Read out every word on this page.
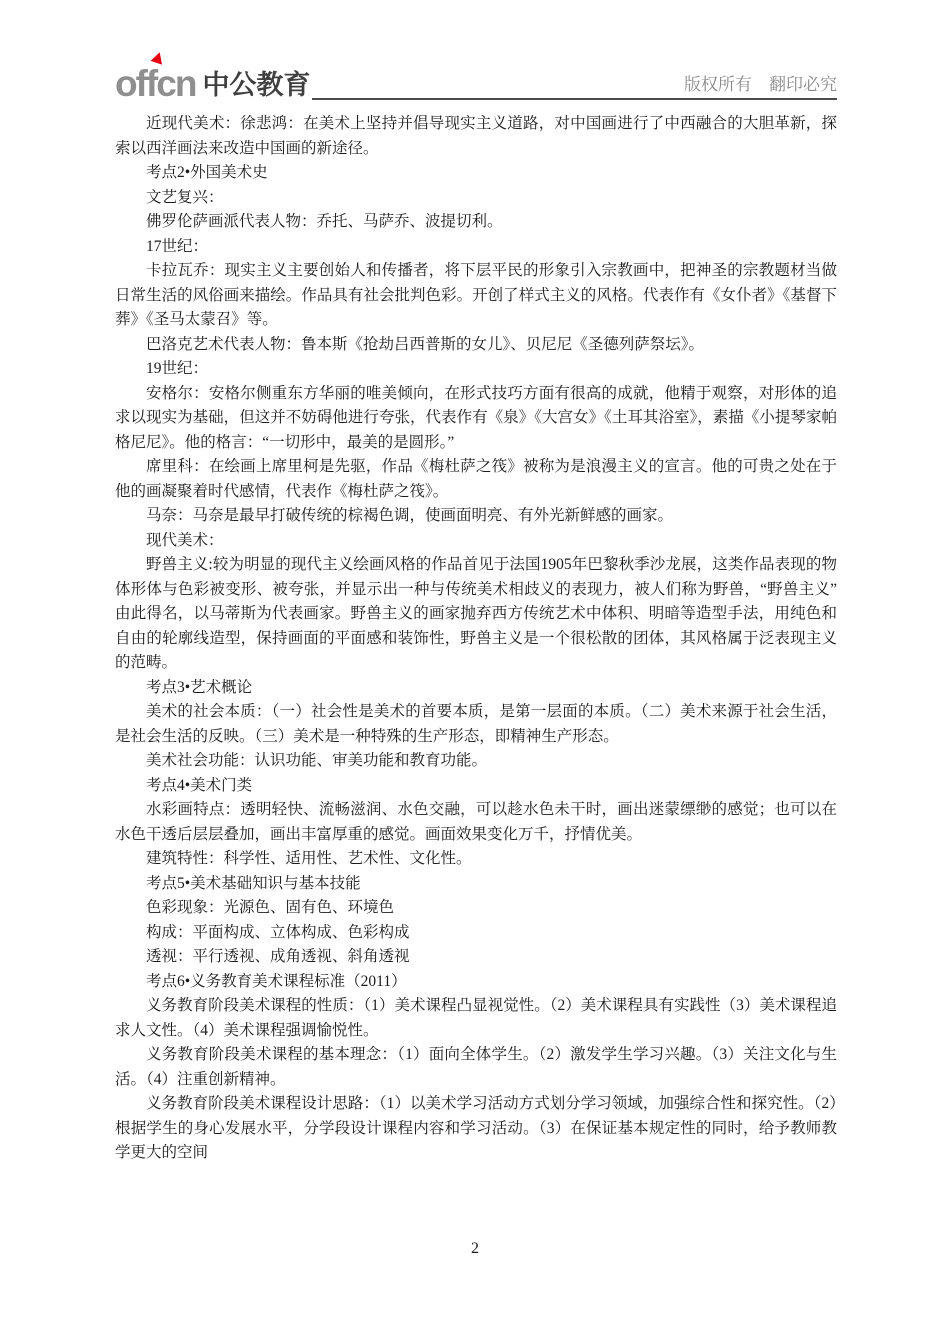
offcn 中公教育	版权所有　翻印必究

近现代美术：徐悲鸿：在美术上坚持并倡导现实主义道路，对中国画进行了中西融合的大胆革新，探索以西洋画法来改造中国画的新途径。

考点2•外国美术史

文艺复兴：

佛罗伦萨画派代表人物：乔托、马萨乔、波提切利。

17世纪：

卡拉瓦乔：现实主义主要创始人和传播者，将下层平民的形象引入宗教画中，把神圣的宗教题材当做日常生活的风俗画来描绘。作品具有社会批判色彩。开创了样式主义的风格。代表作有《女仆者》《基督下葬》《圣马太蒙召》等。

巴洛克艺术代表人物：鲁本斯《抢劫吕西普斯的女儿》、贝尼尼《圣德列萨祭坛》。

19世纪：

安格尔：安格尔侧重东方华丽的唯美倾向，在形式技巧方面有很高的成就，他精于观察，对形体的追求以现实为基础，但这并不妨碍他进行夸张，代表作有《泉》《大宫女》《土耳其浴室》，素描《小提琴家帕格尼尼》。他的格言：“一切形中，最美的是圆形。”

席里科：在绘画上席里柯是先驱，作品《梅杜萨之筏》被称为是浪漫主义的宣言。他的可贵之处在于他的画凝聚着时代感情，代表作《梅杜萨之筏》。

马奈：马奈是最早打破传统的棕褐色调，使画面明亮、有外光新鲜感的画家。

现代美术：

野兽主义:较为明显的现代主义绘画风格的作品首见于法国1905年巴黎秋季沙龙展，这类作品表现的物体形体与色彩被变形、被夸张，并显示出一种与传统美术相歧义的表现力，被人们称为野兽，“野兽主义”由此得名，以马蒂斯为代表画家。野兽主义的画家抛弃西方传统艺术中体积、明暗等造型手法，用纯色和自由的轮廓线造型，保持画面的平面感和装饰性，野兽主义是一个很松散的团体，其风格属于泛表现主义的范畴。

考点3•艺术概论

美术的社会本质：（一）社会性是美术的首要本质，是第一层面的本质。（二）美术来源于社会生活，是社会生活的反映。（三）美术是一种特殊的生产形态，即精神生产形态。

美术社会功能：认识功能、审美功能和教育功能。

考点4•美术门类

水彩画特点：透明轻快、流畅滋润、水色交融，可以趁水色未干时，画出迷蒙缥缈的感觉；也可以在水色干透后层层叠加，画出丰富厚重的感觉。画面效果变化万千，抒情优美。

建筑特性：科学性、适用性、艺术性、文化性。

考点5•美术基础知识与基本技能

色彩现象：光源色、固有色、环境色

构成：平面构成、立体构成、色彩构成

透视：平行透视、成角透视、斜角透视

考点6•义务教育美术课程标准（2011）

义务教育阶段美术课程的性质：（1）美术课程凸显视觉性。（2）美术课程具有实践性（3）美术课程追求人文性。（4）美术课程强调愉悦性。

义务教育阶段美术课程的基本理念：（1）面向全体学生。（2）激发学生学习兴趣。（3）关注文化与生活。（4）注重创新精神。

义务教育阶段美术课程设计思路：（1）以美术学习活动方式划分学习领域，加强综合性和探究性。（2）根据学生的身心发展水平，分学段设计课程内容和学习活动。（3）在保证基本规定性的同时，给予教师教学更大的空间

2
